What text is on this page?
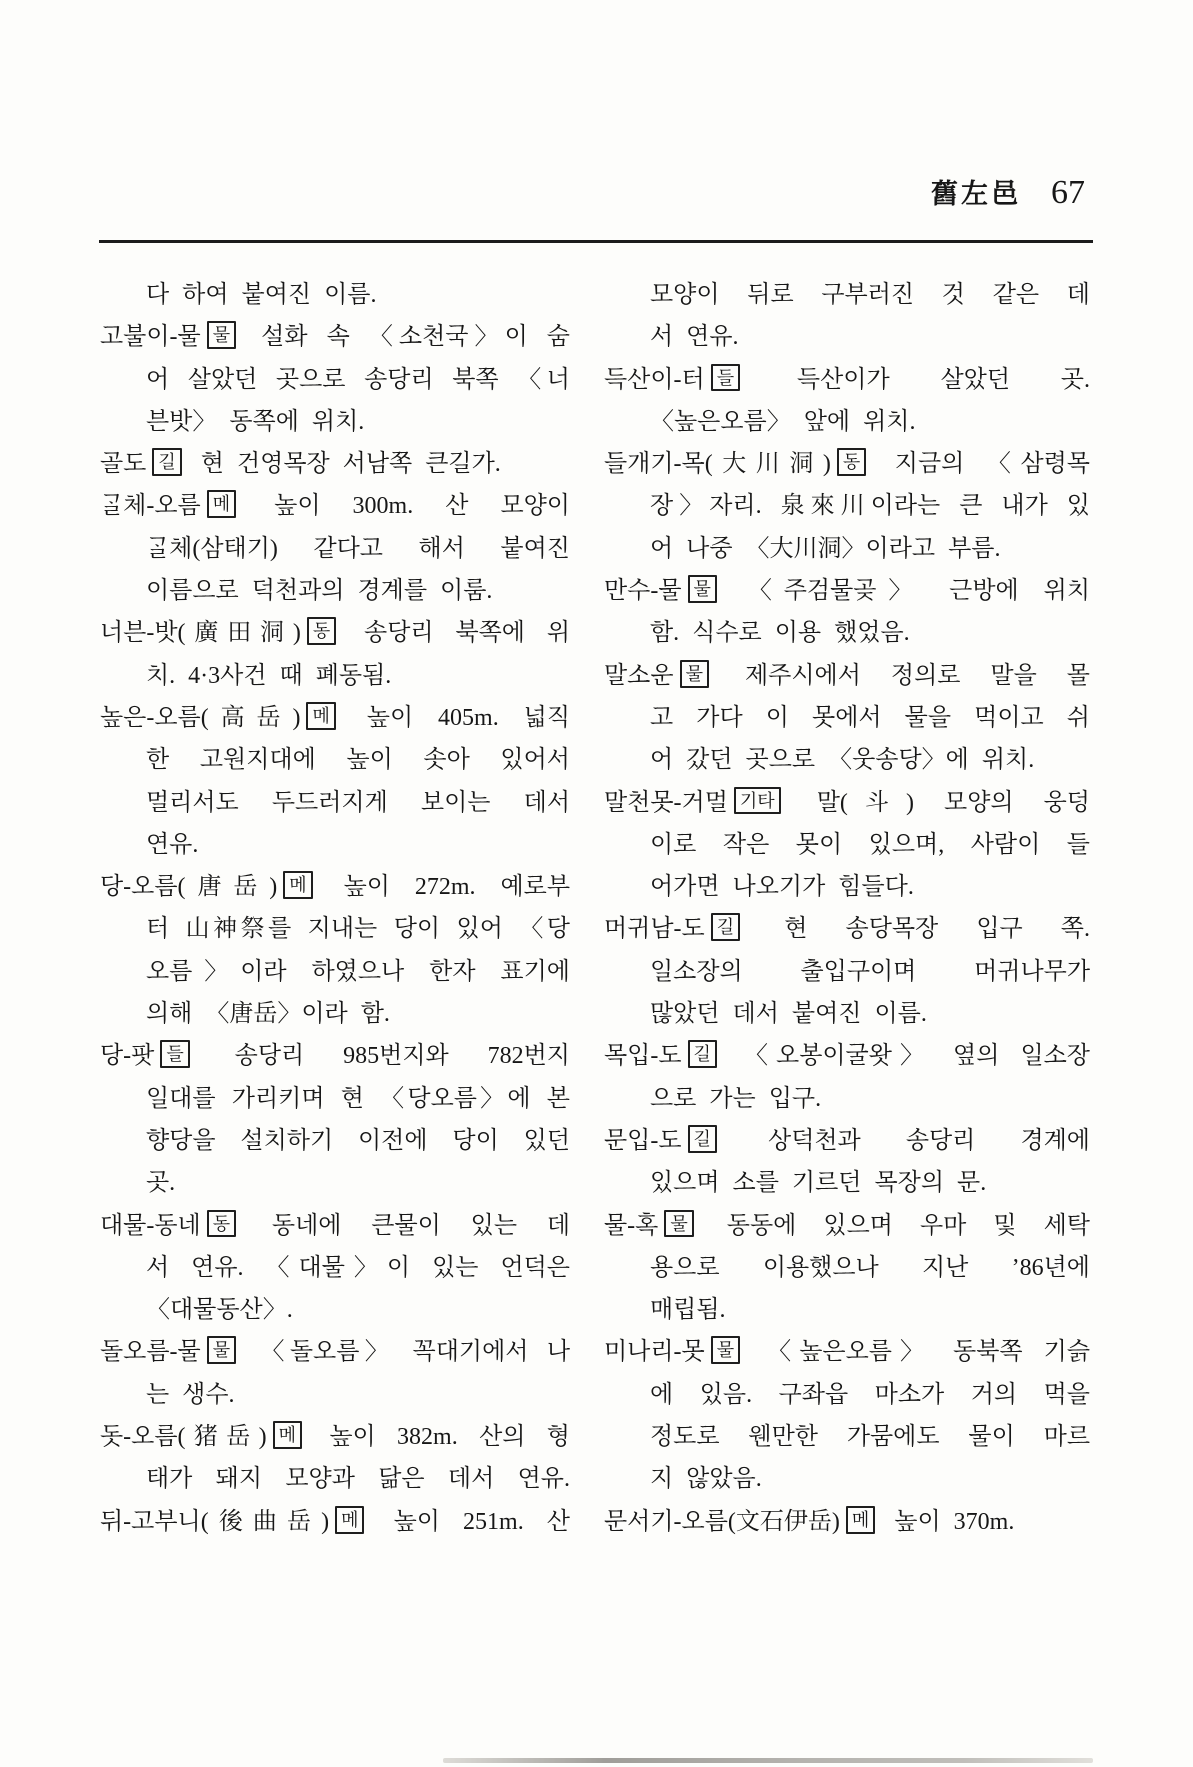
舊左邑 67
다 하여 붙여진 이름.
고불이-물 물 설화 속 〈소천국〉이 숨
어 살았던 곳으로 송당리 북쪽 〈너
븐밧〉 동쪽에 위치.
골도 길 현 건영목장 서남쪽 큰길가.
ᄀᆞᆯ체-오름 메 높이 300m. 산 모양이
ᄀᆞᆯ체(삼태기) 같다고 해서 붙여진
이름으로 덕천과의 경계를 이룸.
너븐-밧(廣田洞) 동 송당리 북쪽에 위
치. 4·3사건 때 폐동됨.
높은-오름(高岳) 메 높이 405m. 넓직
한 고원지대에 높이 솟아 있어서
멀리서도 두드러지게 보이는 데서
연유.
당-오름(唐岳) 메 높이 272m. 예로부
터 山神祭를 지내는 당이 있어 〈당
오름〉이라 하였으나 한자 표기에
의해 〈唐岳〉이라 함.
당-팟 들 송당리 985번지와 782번지
일대를 가리키며 현 〈당오름〉에 본
향당을 설치하기 이전에 당이 있던
곳.
대물-동네 동 동네에 큰물이 있는 데
서 연유. 〈대물〉이 있는 언덕은
〈대물동산〉.
돌오름-물 물 〈돌오름〉 꼭대기에서 나
는 생수.
돗-오름(猪岳) 메 높이 382m. 산의 형
태가 돼지 모양과 닮은 데서 연유.
뒤-고부니(後曲岳) 메 높이 251m. 산
모양이 뒤로 구부러진 것 같은 데
서 연유.
득산이-터 들 득산이가 살았던 곳.
〈높은오름〉 앞에 위치.
들개기-목(大川洞) 동 지금의 〈삼령목
장〉자리. 泉來川이라는 큰 내가 있
어 나중 〈大川洞〉이라고 부름.
만수-물 물 〈주검물곶〉 근방에 위치
함. 식수로 이용 했었음.
말소운 물 제주시에서 정의로 말을 몰
고 가다 이 못에서 물을 먹이고 쉬
어 갔던 곳으로 〈웃송당〉에 위치.
말천못-거멀 기타 말(斗) 모양의 웅덩
이로 작은 못이 있으며, 사람이 들
어가면 나오기가 힘들다.
머귀남-도 길 현 송당목장 입구 쪽.
일소장의 출입구이며 머귀나무가
많았던 데서 붙여진 이름.
목입-도 길 〈오봉이굴왓〉 옆의 일소장
으로 가는 입구.
문입-도 길 상덕천과 송당리 경계에
있으며 소를 기르던 목장의 문.
물-혹 물 동동에 있으며 우마 및 세탁
용으로 이용했으나 지난 ’86년에
매립됨.
미나리-못 물 〈높은오름〉 동북쪽 기슭
에 있음. 구좌읍 마소가 거의 먹을
정도로 웬만한 가뭄에도 물이 마르
지 않았음.
문서기-오름(文石伊岳) 메 높이 370m.
